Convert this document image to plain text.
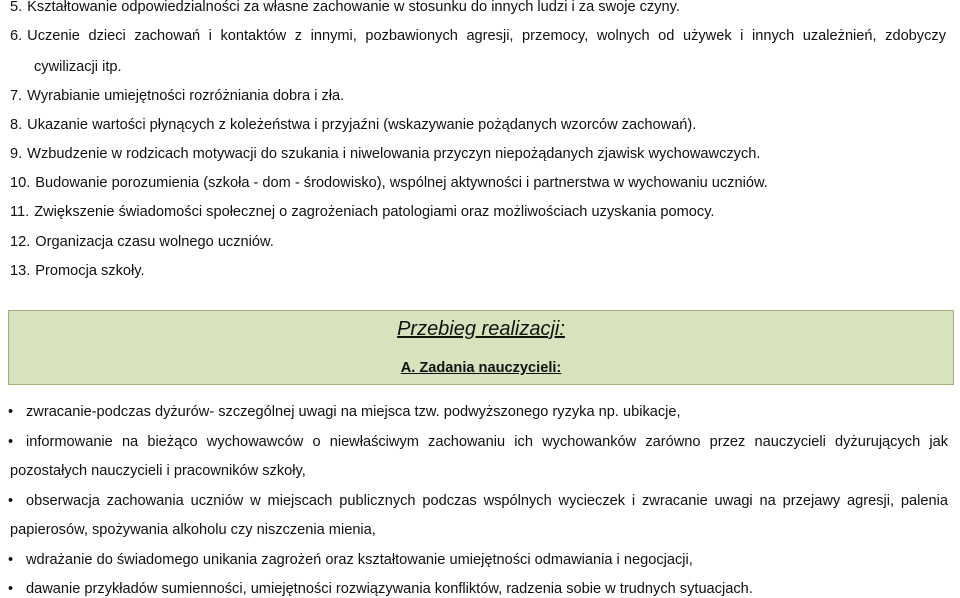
5. Kształtowanie odpowiedzialności za własne zachowanie w stosunku do innych ludzi i za swoje czyny.
6. Uczenie dzieci zachowań i kontaktów z innymi, pozbawionych agresji, przemocy, wolnych od używek i innych uzależnień, zdobyczy
cywilizacji itp.
7. Wyrabianie umiejętności rozróżniania dobra i zła.
8. Ukazanie wartości płynących z koleżeństwa i przyjaźni (wskazywanie pożądanych wzorców zachowań).
9. Wzbudzenie w rodzicach motywacji do szukania i niwelowania przyczyn niepożądanych zjawisk wychowawczych.
10. Budowanie porozumienia (szkoła - dom - środowisko), wspólnej aktywności i partnerstwa w wychowaniu uczniów.
11. Zwiększenie świadomości społecznej o zagrożeniach patologiami oraz możliwościach uzyskania pomocy.
12. Organizacja czasu wolnego uczniów.
13. Promocja szkoły.
Przebieg realizacji:
A. Zadania nauczycieli:
• zwracanie-podczas dyżurów- szczególnej uwagi na miejsca tzw. podwyższonego ryzyka np. ubikacje,
• informowanie na bieżąco wychowawców o niewłaściwym zachowaniu ich wychowanków zarówno przez nauczycieli dyżurujących jak
pozostałych nauczycieli i pracowników szkoły,
• obserwacja zachowania uczniów w miejscach publicznych podczas wspólnych wycieczek i zwracanie uwagi na przejawy agresji, palenia
papierosów, spożywania alkoholu czy niszczenia mienia,
• wdrażanie do świadomego unikania zagrożeń oraz kształtowanie umiejętności odmawiania i negocjacji,
• dawanie przykładów sumienności, umiejętności rozwiązywania konfliktów, radzenia sobie w trudnych sytuacjach.
